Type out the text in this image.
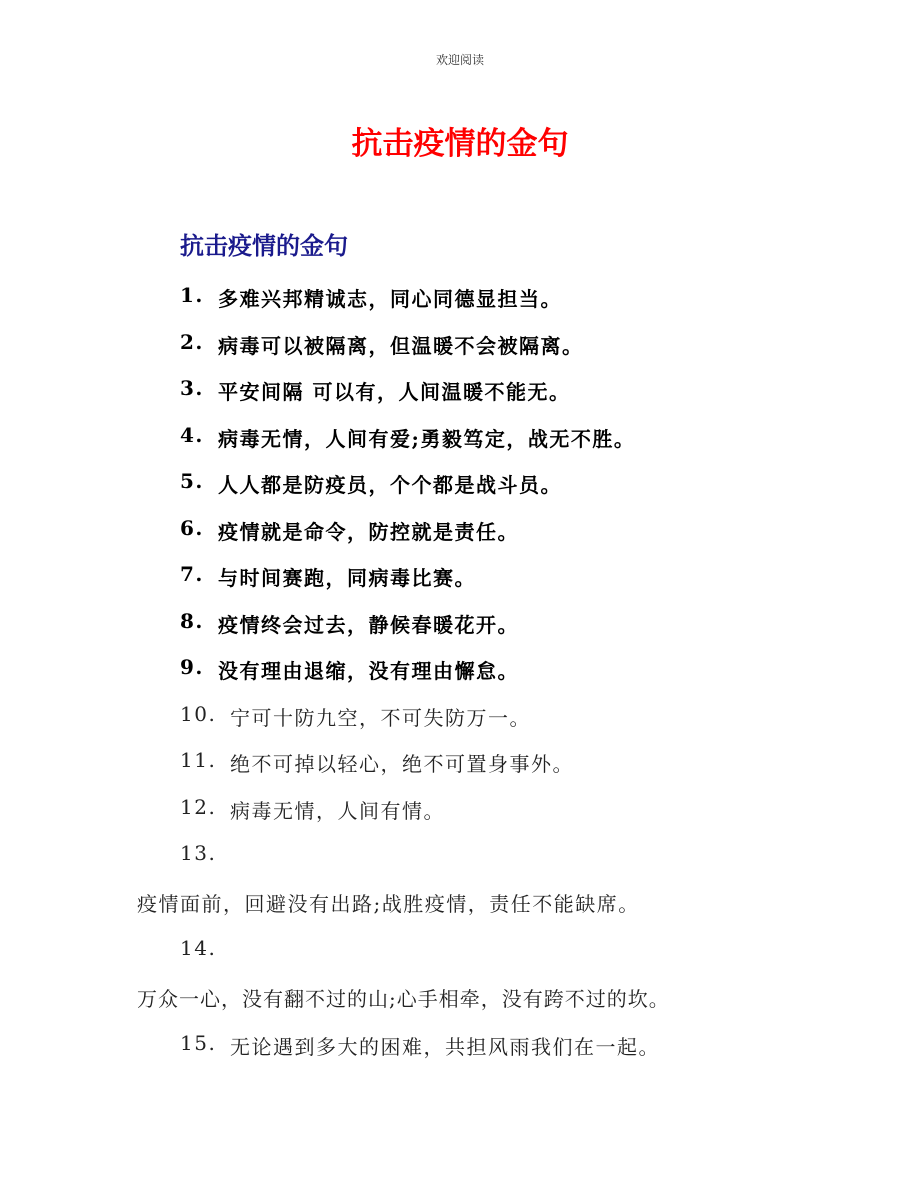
欢迎阅读
抗击疫情的金句
抗击疫情的金句
1. 多难兴邦精诚志，同心同德显担当。
2. 病毒可以被隔离，但温暖不会被隔离。
3. 平安间隔 可以有，人间温暖不能无。
4. 病毒无情，人间有爱;勇毅笃定，战无不胜。
5. 人人都是防疫员，个个都是战斗员。
6. 疫情就是命令，防控就是责任。
7. 与时间赛跑，同病毒比赛。
8. 疫情终会过去，静候春暖花开。
9. 没有理由退缩，没有理由懈怠。
10. 宁可十防九空，不可失防万一。
11. 绝不可掉以轻心，绝不可置身事外。
12. 病毒无情，人间有情。
13.
疫情面前，回避没有出路;战胜疫情，责任不能缺席。
14.
万众一心，没有翻不过的山;心手相牵，没有跨不过的坎。
15. 无论遇到多大的困难，共担风雨我们在一起。
